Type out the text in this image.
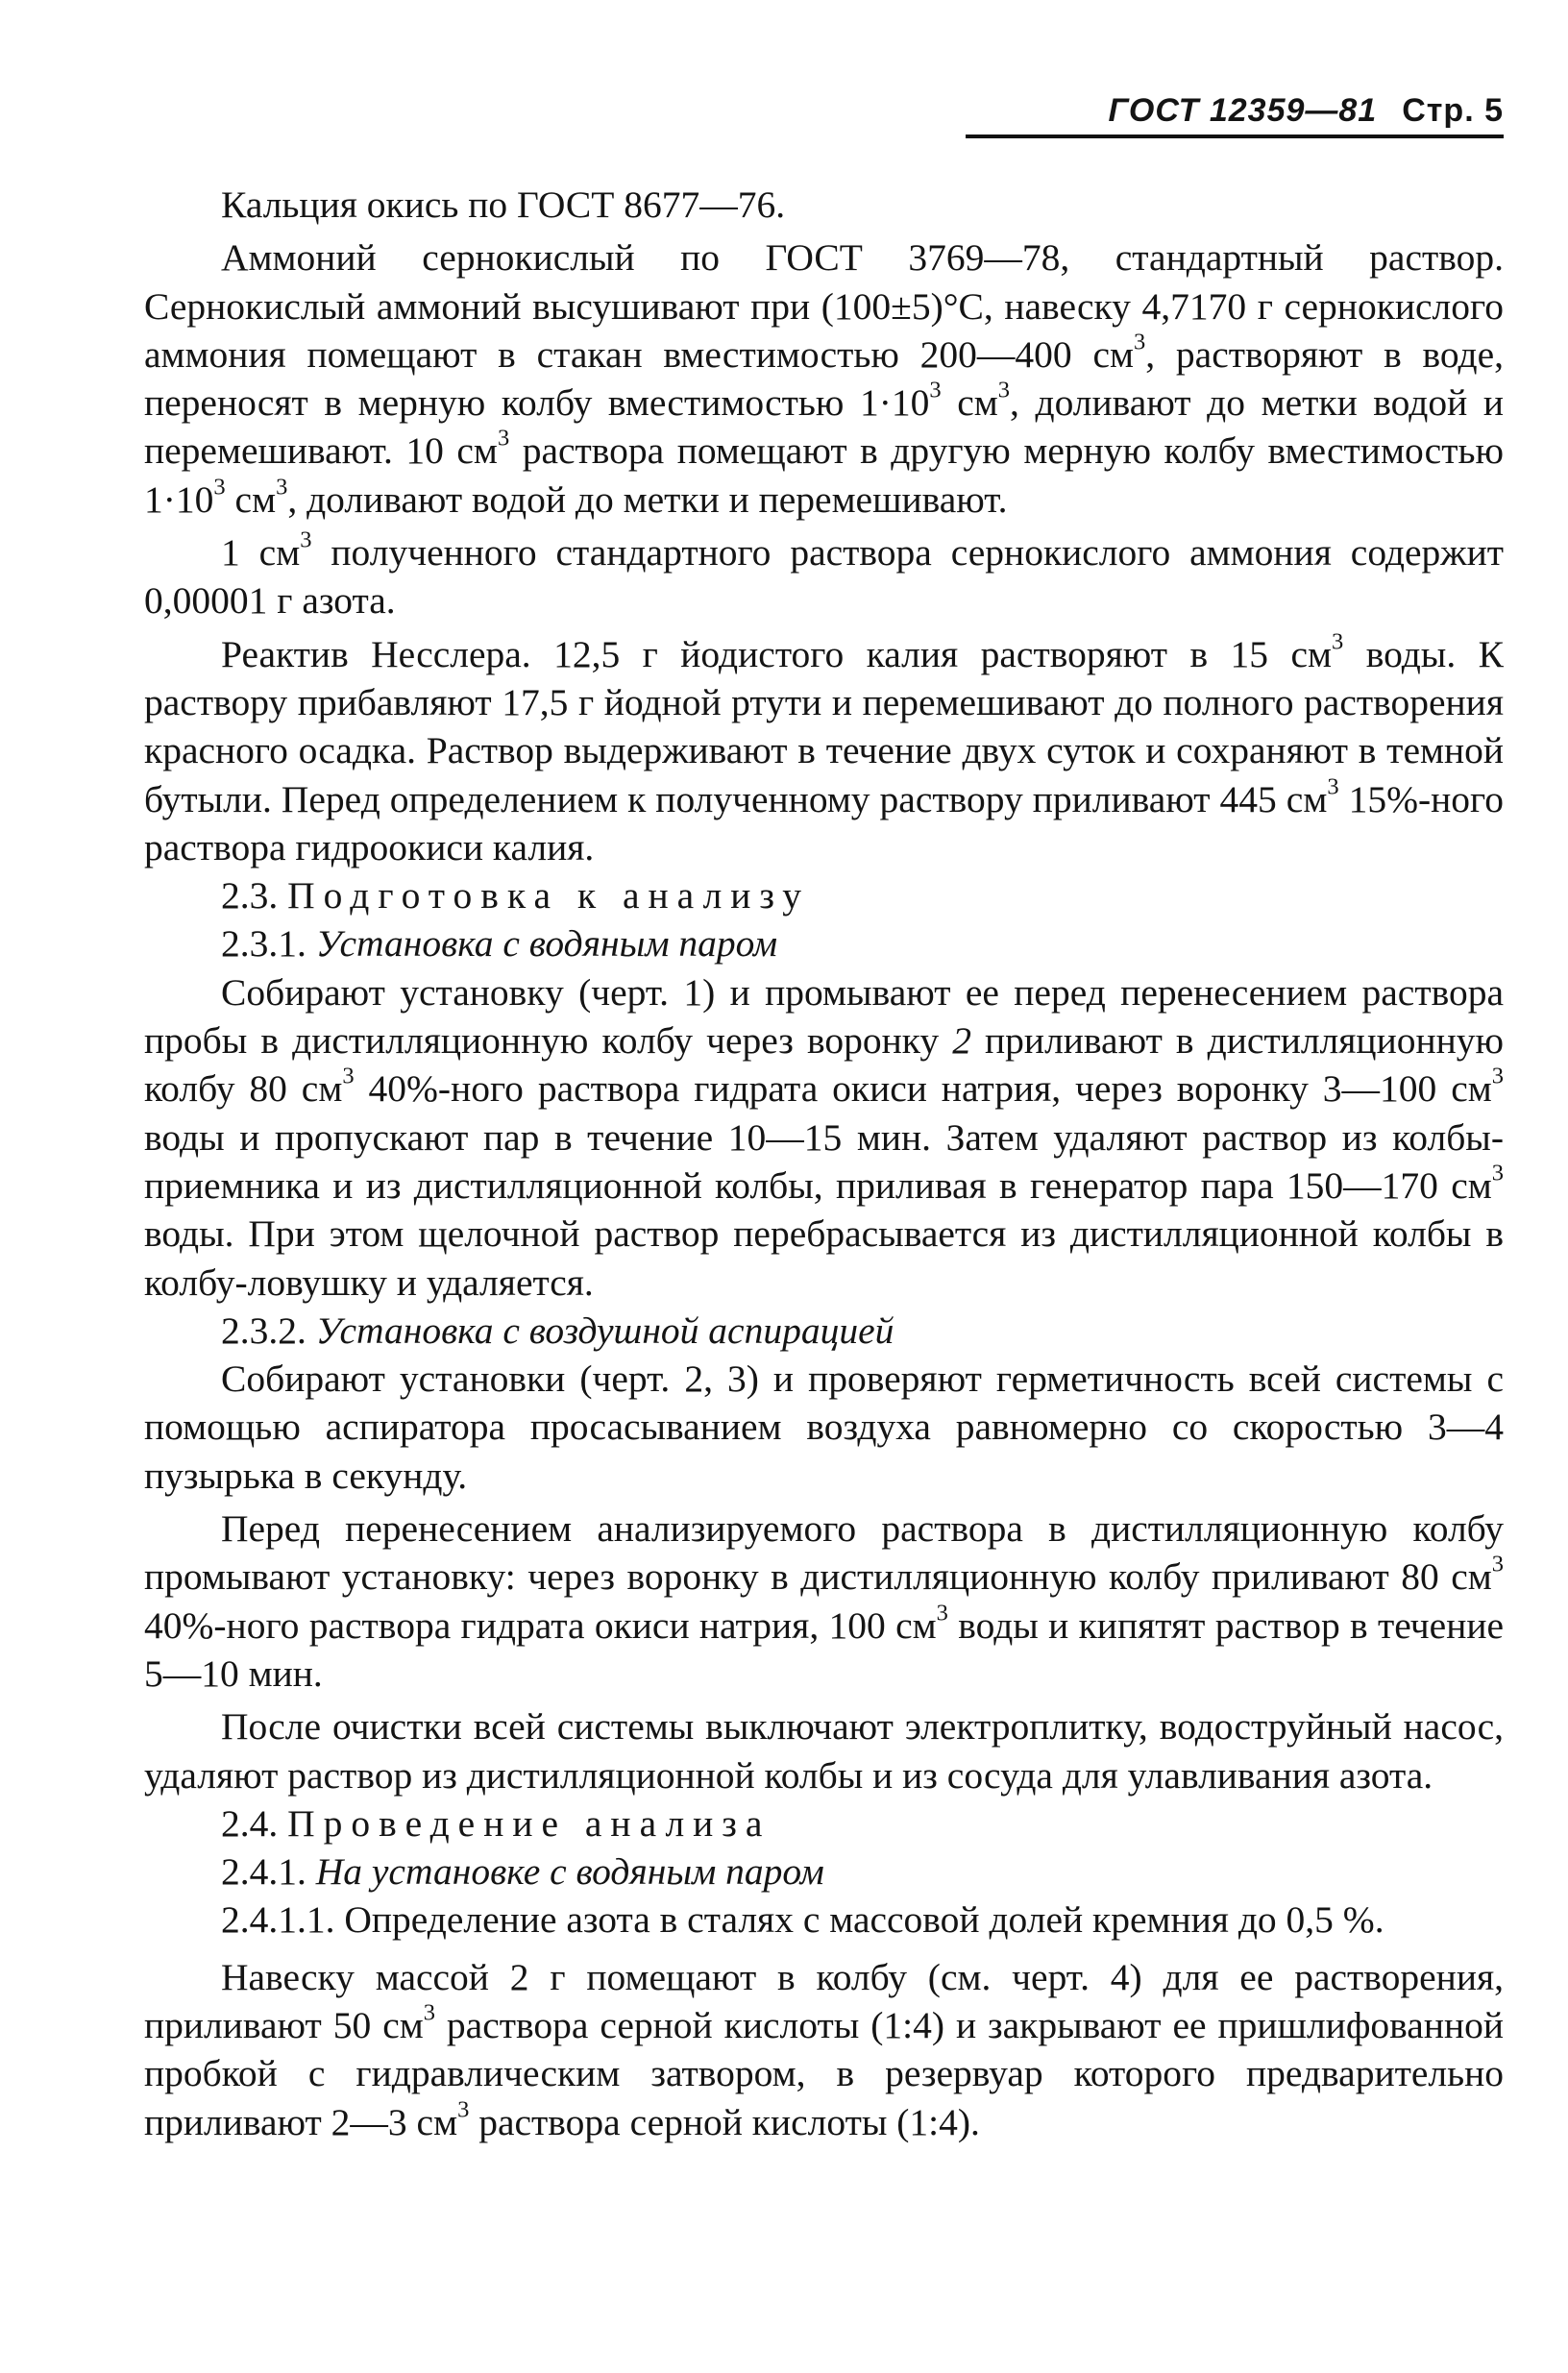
ГОСТ 12359—81 Стр. 5

Кальция окись по ГОСТ 8677—76.

Аммоний сернокислый по ГОСТ 3769—78, стандартный раствор. Сернокислый аммоний высушивают при (100±5)°С, навеску 4,7170 г сернокислого аммония помещают в стакан вместимостью 200—400 $см^3$, растворяют в воде, переносят в мерную колбу вместимостью $1\cdot 10^3$ $см^3$, доливают до метки водой и перемешивают. 10 $см^3$ раствора помещают в другую мерную колбу вместимостью $1\cdot 10^3$ $см^3$, доливают водой до метки и перемешивают.

1 $см^3$ полученного стандартного раствора сернокислого аммония содержит 0,00001 г азота.

Реактив Несслера. 12,5 г йодистого калия растворяют в 15 $см^3$ воды. К раствору прибавляют 17,5 г йодной ртути и перемешивают до полного растворения красного осадка. Раствор выдерживают в течение двух суток и сохраняют в темной бутыли. Перед определением к полученному раствору приливают 445 $см^3$ 15%-ного раствора гидроокиси калия.

2.3. Подготовка к анализу

2.3.1. Установка с водяным паром

Собирают установку (черт. 1) и промывают ее перед перенесением раствора пробы в дистилляционную колбу через воронку 2 приливают в дистилляционную колбу 80 $см^3$ 40%-ного раствора гидрата окиси натрия, через воронку 3—100 $см^3$ воды и пропускают пар в течение 10—15 мин. Затем удаляют раствор из колбы-приемника и из дистилляционной колбы, приливая в генератор пара 150—170 $см^3$ воды. При этом щелочной раствор перебрасывается из дистилляционной колбы в колбу-ловушку и удаляется.

2.3.2. Установка с воздушной аспирацией

Собирают установки (черт. 2, 3) и проверяют герметичность всей системы с помощью аспиратора просасыванием воздуха равномерно со скоростью 3—4 пузырька в секунду.

Перед перенесением анализируемого раствора в дистилляционную колбу промывают установку: через воронку в дистилляционную колбу приливают 80 $см^3$ 40%-ного раствора гидрата окиси натрия, 100 $см^3$ воды и кипятят раствор в течение 5—10 мин.

После очистки всей системы выключают электроплитку, водоструйный насос, удаляют раствор из дистилляционной колбы и из сосуда для улавливания азота.

2.4. Проведение анализа

2.4.1. На установке с водяным паром

2.4.1.1. Определение азота в сталях с массовой долей кремния до 0,5 %.

Навеску массой 2 г помещают в колбу (см. черт. 4) для ее растворения, приливают 50 $см^3$ раствора серной кислоты (1:4) и закрывают ее пришлифованной пробкой с гидравлическим затвором, в резервуар которого предварительно приливают 2—3 $см^3$ раствора серной кислоты (1:4).
